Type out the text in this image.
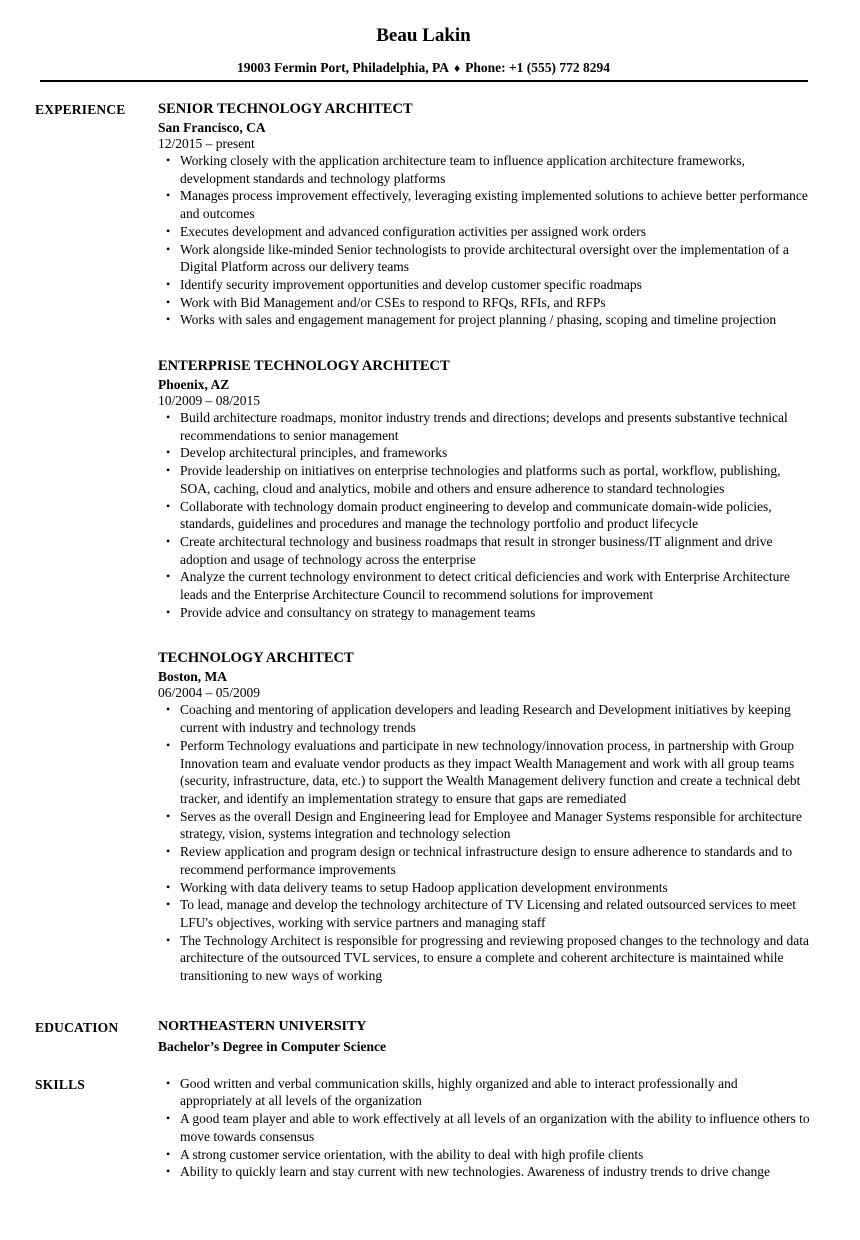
Beau Lakin
19003 Fermin Port, Philadelphia, PA ♦ Phone: +1 (555) 772 8294
EXPERIENCE	SENIOR TECHNOLOGY ARCHITECT
San Francisco, CA
12/2015 – present
• Working closely with the application architecture team to influence application architecture frameworks, development standards and technology platforms
• Manages process improvement effectively, leveraging existing implemented solutions to achieve better performance and outcomes
• Executes development and advanced configuration activities per assigned work orders
• Work alongside like-minded Senior technologists to provide architectural oversight over the implementation of a Digital Platform across our delivery teams
• Identify security improvement opportunities and develop customer specific roadmaps
• Work with Bid Management and/or CSEs to respond to RFQs, RFIs, and RFPs
• Works with sales and engagement management for project planning / phasing, scoping and timeline projection
ENTERPRISE TECHNOLOGY ARCHITECT
Phoenix, AZ
10/2009 – 08/2015
• Build architecture roadmaps, monitor industry trends and directions; develops and presents substantive technical recommendations to senior management
• Develop architectural principles, and frameworks
• Provide leadership on initiatives on enterprise technologies and platforms such as portal, workflow, publishing, SOA, caching, cloud and analytics, mobile and others and ensure adherence to standard technologies
• Collaborate with technology domain product engineering to develop and communicate domain-wide policies, standards, guidelines and procedures and manage the technology portfolio and product lifecycle
• Create architectural technology and business roadmaps that result in stronger business/IT alignment and drive adoption and usage of technology across the enterprise
• Analyze the current technology environment to detect critical deficiencies and work with Enterprise Architecture leads and the Enterprise Architecture Council to recommend solutions for improvement
• Provide advice and consultancy on strategy to management teams
TECHNOLOGY ARCHITECT
Boston, MA
06/2004 – 05/2009
• Coaching and mentoring of application developers and leading Research and Development initiatives by keeping current with industry and technology trends
• Perform Technology evaluations and participate in new technology/innovation process, in partnership with Group Innovation team and evaluate vendor products as they impact Wealth Management and work with all group teams (security, infrastructure, data, etc.) to support the Wealth Management delivery function and create a technical debt tracker, and identify an implementation strategy to ensure that gaps are remediated
• Serves as the overall Design and Engineering lead for Employee and Manager Systems responsible for architecture strategy, vision, systems integration and technology selection
• Review application and program design or technical infrastructure design to ensure adherence to standards and to recommend performance improvements
• Working with data delivery teams to setup Hadoop application development environments
• To lead, manage and develop the technology architecture of TV Licensing and related outsourced services to meet LFU's objectives, working with service partners and managing staff
• The Technology Architect is responsible for progressing and reviewing proposed changes to the technology and data architecture of the outsourced TVL services, to ensure a complete and coherent architecture is maintained while transitioning to new ways of working
EDUCATION	NORTHEASTERN UNIVERSITY
Bachelor’s Degree in Computer Science
SKILLS	• Good written and verbal communication skills, highly organized and able to interact professionally and appropriately at all levels of the organization
• A good team player and able to work effectively at all levels of an organization with the ability to influence others to move towards consensus
• A strong customer service orientation, with the ability to deal with high profile clients
• Ability to quickly learn and stay current with new technologies. Awareness of industry trends to drive change
